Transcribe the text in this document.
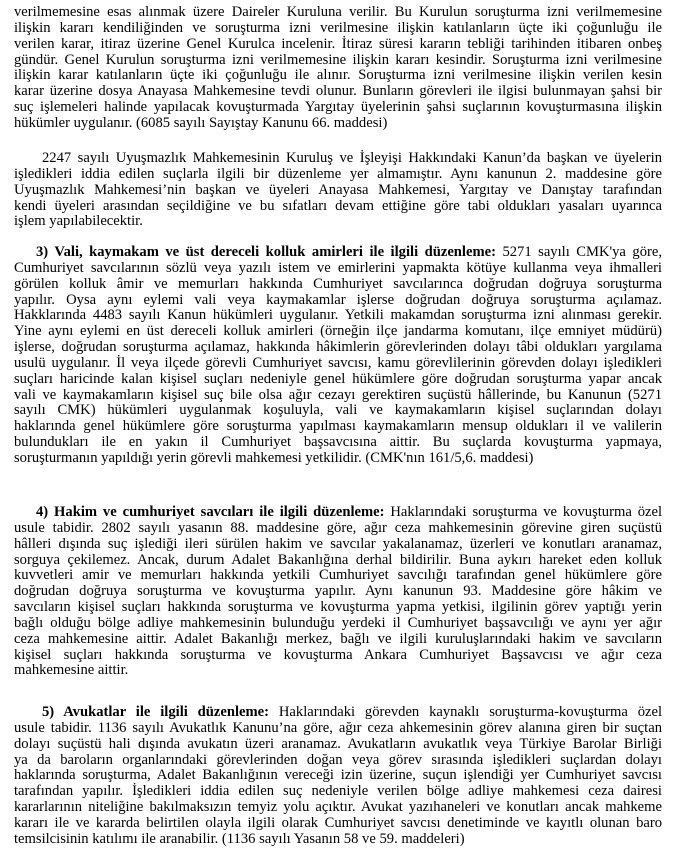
verilmemesine esas alınmak üzere Daireler Kuruluna verilir. Bu Kurulun soruşturma izni verilmemesine
ilişkin kararı kendiliğinden ve soruşturma izni verilmesine ilişkin katılanların üçte iki çoğunluğu ile
verilen karar, itiraz üzerine Genel Kurulca incelenir. İtiraz süresi kararın tebliği tarihinden itibaren onbeş
gündür. Genel Kurulun soruşturma izni verilmemesine ilişkin kararı kesindir. Soruşturma izni verilmesine
ilişkin karar katılanların üçte iki çoğunluğu ile alınır. Soruşturma izni verilmesine ilişkin verilen kesin
karar üzerine dosya Anayasa Mahkemesine tevdi olunur. Bunların görevleri ile ilgisi bulunmayan şahsi bir
suç işlemeleri halinde yapılacak kovuşturmada Yargıtay üyelerinin şahsi suçlarının kovuşturmasına ilişkin
hükümler uygulanır. (6085 sayılı Sayıştay Kanunu 66. maddesi)
2247 sayılı Uyuşmazlık Mahkemesinin Kuruluş ve İşleyişi Hakkındaki Kanun’da başkan ve üyelerin
işledikleri iddia edilen suçlarla ilgili bir düzenleme yer almamıştır. Aynı kanunun 2. maddesine göre
Uyuşmazlık Mahkemesi’nin başkan ve üyeleri Anayasa Mahkemesi, Yargıtay ve Danıştay tarafından
kendi üyeleri arasından seçildiğine ve bu sıfatları devam ettiğine göre tabi oldukları yasaları uyarınca
işlem yapılabilecektir.
3) Vali, kaymakam ve üst dereceli kolluk amirleri ile ilgili düzenleme: 5271 sayılı CMK'ya göre,
Cumhuriyet savcılarının sözlü veya yazılı istem ve emirlerini yapmakta kötüye kullanma veya ihmalleri
görülen kolluk âmir ve memurları hakkında Cumhuriyet savcılarınca doğrudan doğruya soruşturma
yapılır. Oysa aynı eylemi vali veya kaymakamlar işlerse doğrudan doğruya soruşturma açılamaz.
Hakklarında 4483 sayılı Kanun hükümleri uygulanır. Yetkili makamdan soruşturma izni alınması gerekir.
Yine aynı eylemi en üst dereceli kolluk amirleri (örneğin ilçe jandarma komutanı, ilçe emniyet müdürü)
işlerse, doğrudan soruşturma açılamaz, hakkında hâkimlerin görevlerinden dolayı tâbi oldukları yargılama
usulü uygulanır. İl veya ilçede görevli Cumhuriyet savcısı, kamu görevlilerinin görevden dolayı işledikleri
suçları haricinde kalan kişisel suçları nedeniyle genel hükümlere göre doğrudan soruşturma yapar ancak
vali ve kaymakamların kişisel suç bile olsa ağır cezayı gerektiren suçüstü hâllerinde, bu Kanunun (5271
sayılı CMK) hükümleri uygulanmak koşuluyla, vali ve kaymakamların kişisel suçlarından dolayı
haklarında genel hükümlere göre soruşturma yapılması kaymakamların mensup oldukları il ve valilerin
bulundukları ile en yakın il Cumhuriyet başsavcısına aittir. Bu suçlarda kovuşturma yapmaya,
soruşturmanın yapıldığı yerin görevli mahkemesi yetkilidir. (CMK'nın 161/5,6. maddesi)
4) Hakim ve cumhuriyet savcıları ile ilgili düzenleme: Haklarındaki soruşturma ve kovuşturma özel
usule tabidir. 2802 sayılı yasanın 88. maddesine göre, ağır ceza mahkemesinin görevine giren suçüstü
hâlleri dışında suç işlediği ileri sürülen hakim ve savcılar yakalanamaz, üzerleri ve konutları aranamaz,
sorguya çekilemez. Ancak, durum Adalet Bakanlığına derhal bildirilir. Buna aykırı hareket eden kolluk
kuvvetleri amir ve memurları hakkında yetkili Cumhuriyet savcılığı tarafından genel hükümlere göre
doğrudan doğruya soruşturma ve kovuşturma yapılır. Aynı kanunun 93. Maddesine göre hâkim ve
savcıların kişisel suçları hakkında soruşturma ve kovuşturma yapma yetkisi, ilgilinin görev yaptığı yerin
bağlı olduğu bölge adliye mahkemesinin bulunduğu yerdeki il Cumhuriyet başsavcılığı ve aynı yer ağır
ceza mahkemesine aittir. Adalet Bakanlığı merkez, bağlı ve ilgili kuruluşlarındaki hakim ve savcıların
kişisel suçları hakkında soruşturma ve kovuşturma Ankara Cumhuriyet Başsavcısı ve ağır ceza
mahkemesine aittir.
5) Avukatlar ile ilgili düzenleme: Haklarındaki görevden kaynaklı soruşturma-kovuşturma özel
usule tabidir. 1136 sayılı Avukatlık Kanunu’na göre, ağır ceza ahkemesinin görev alanına giren bir suçtan
dolayı suçüstü hali dışında avukatın üzeri aranamaz. Avukatların avukatlık veya Türkiye Barolar Birliği
ya da baroların organlarındaki görevlerinden doğan veya görev sırasında işledikleri suçlardan dolayı
haklarında soruşturma, Adalet Bakanlığının vereceği izin üzerine, suçun işlendiği yer Cumhuriyet savcısı
tarafından yapılır. İşledikleri iddia edilen suç nedeniyle verilen bölge adliye mahkemesi ceza dairesi
kararlarının niteliğine bakılmaksızın temyiz yolu açıktır. Avukat yazıhaneleri ve konutları ancak mahkeme
kararı ile ve kararda belirtilen olayla ilgili olarak Cumhuriyet savcısı denetiminde ve kayıtlı olunan baro
temsilcisinin katılımı ile aranabilir. (1136 sayılı Yasanın 58 ve 59. maddeleri)
